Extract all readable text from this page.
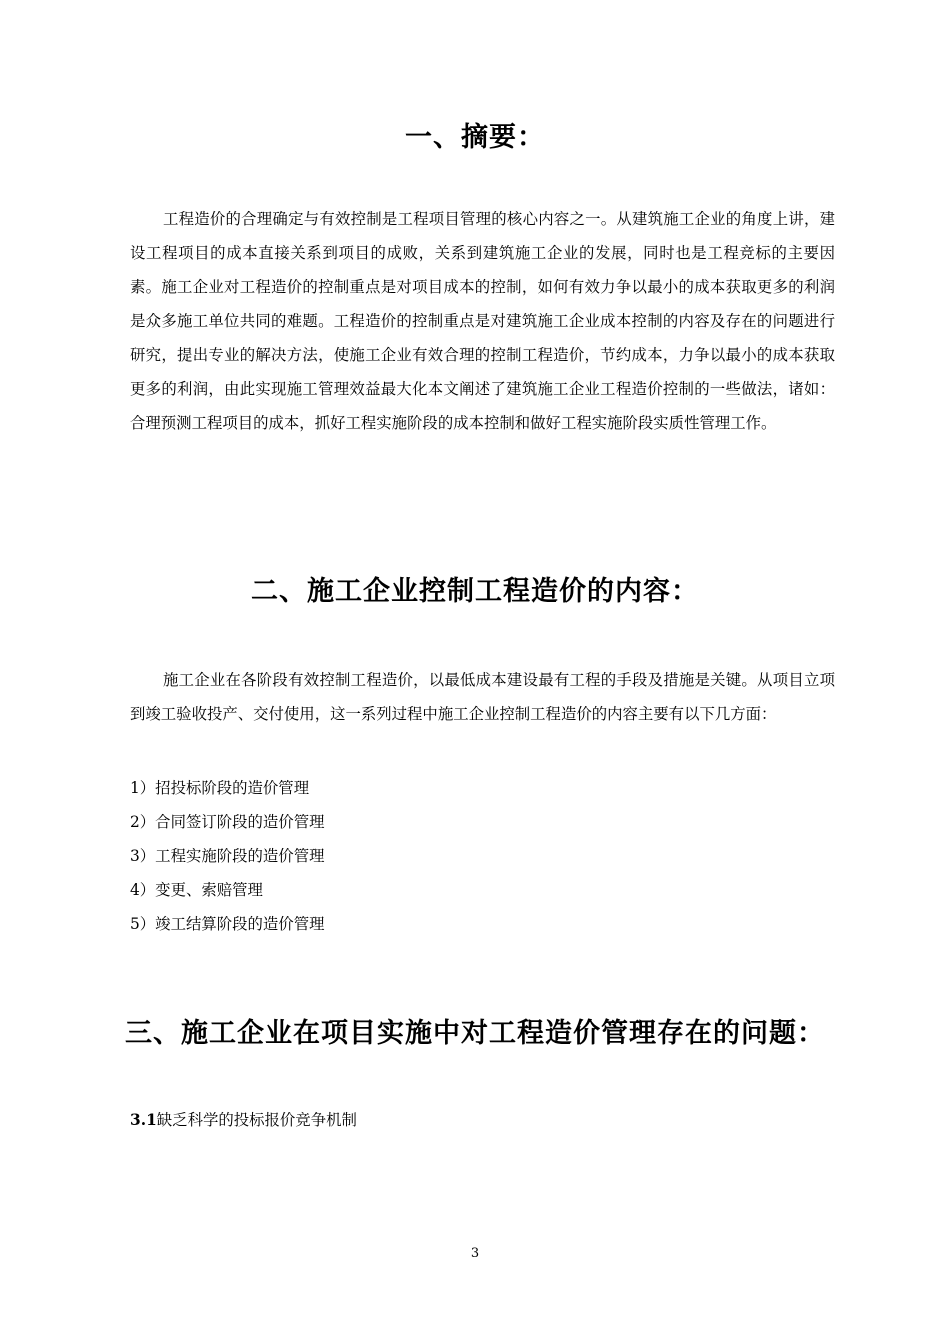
一、摘要：

工程造价的合理确定与有效控制是工程项目管理的核心内容之一。从建筑施工企业的角度上讲，建设工程项目的成本直接关系到项目的成败，关系到建筑施工企业的发展，同时也是工程竞标的主要因素。施工企业对工程造价的控制重点是对项目成本的控制，如何有效力争以最小的成本获取更多的利润是众多施工单位共同的难题。工程造价的控制重点是对建筑施工企业成本控制的内容及存在的问题进行研究，提出专业的解决方法，使施工企业有效合理的控制工程造价，节约成本，力争以最小的成本获取更多的利润，由此实现施工管理效益最大化本文阐述了建筑施工企业工程造价控制的一些做法，诸如：合理预测工程项目的成本，抓好工程实施阶段的成本控制和做好工程实施阶段实质性管理工作。

二、施工企业控制工程造价的内容：

施工企业在各阶段有效控制工程造价，以最低成本建设最有工程的手段及措施是关键。从项目立项到竣工验收投产、交付使用，这一系列过程中施工企业控制工程造价的内容主要有以下几方面：

1）招投标阶段的造价管理
2）合同签订阶段的造价管理
3）工程实施阶段的造价管理
4）变更、索赔管理
5）竣工结算阶段的造价管理
三、施工企业在项目实施中对工程造价管理存在的问题：

3.1缺乏科学的投标报价竞争机制

3
